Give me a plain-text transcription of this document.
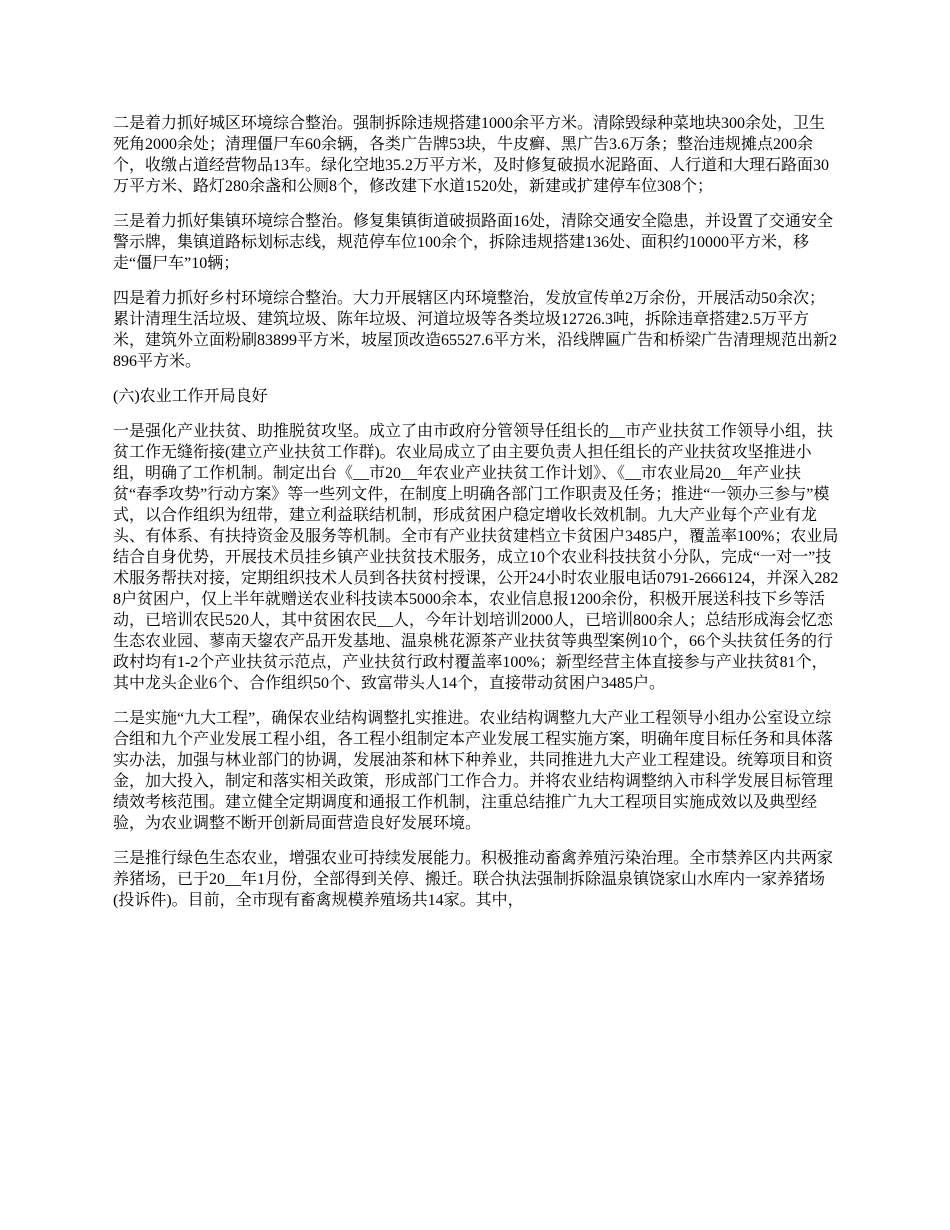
二是着力抓好城区环境综合整治。强制拆除违规搭建1000余平方米。清除毁绿种菜地块300余处，卫生死角2000余处；清理僵尸车60余辆，各类广告牌53块，牛皮癣、黑广告3.6万条；整治违规摊点200余个，收缴占道经营物品13车。绿化空地35.2万平方米，及时修复破损水泥路面、人行道和大理石路面30万平方米、路灯280余盏和公厕8个，修改建下水道1520处，新建或扩建停车位308个；

三是着力抓好集镇环境综合整治。修复集镇街道破损路面16处，清除交通安全隐患，并设置了交通安全警示牌，集镇道路标划标志线，规范停车位100余个，拆除违规搭建136处、面积约10000平方米，移走“僵尸车”10辆；

四是着力抓好乡村环境综合整治。大力开展辖区内环境整治，发放宣传单2万余份，开展活动50余次；累计清理生活垃圾、建筑垃圾、陈年垃圾、河道垃圾等各类垃圾12726.3吨，拆除违章搭建2.5万平方米，建筑外立面粉刷83899平方米，坡屋顶改造65527.6平方米，沿线牌匾广告和桥梁广告清理规范出新2896平方米。

(六)农业工作开局良好

一是强化产业扶贫、助推脱贫攻坚。成立了由市政府分管领导任组长的__市产业扶贫工作领导小组，扶贫工作无缝衔接(建立产业扶贫工作群)。农业局成立了由主要负责人担任组长的产业扶贫攻坚推进小组，明确了工作机制。制定出台《__市20__年农业产业扶贫工作计划》、《__市农业局20__年产业扶贫“春季攻势”行动方案》等一些列文件，在制度上明确各部门工作职责及任务；推进“一领办三参与”模式，以合作组织为纽带，建立利益联结机制，形成贫困户稳定增收长效机制。九大产业每个产业有龙头、有体系、有扶持资金及服务等机制。全市有产业扶贫建档立卡贫困户3485户，覆盖率100%；农业局结合自身优势，开展技术员挂乡镇产业扶贫技术服务，成立10个农业科技扶贫小分队，完成“一对一”技术服务帮扶对接，定期组织技术人员到各扶贫村授课，公开24小时农业服电话0791-2666124，并深入2828户贫困户，仅上半年就赠送农业科技读本5000余本，农业信息报1200余份，积极开展送科技下乡等活动，已培训农民520人，其中贫困农民__人，今年计划培训2000人，已培训800余人；总结形成海会忆恋生态农业园、蓼南天鋆农产品开发基地、温泉桃花源茶产业扶贫等典型案例10个，66个头扶贫任务的行政村均有1-2个产业扶贫示范点，产业扶贫行政村覆盖率100%；新型经营主体直接参与产业扶贫81个，其中龙头企业6个、合作组织50个、致富带头人14个，直接带动贫困户3485户。

二是实施“九大工程”，确保农业结构调整扎实推进。农业结构调整九大产业工程领导小组办公室设立综合组和九个产业发展工程小组，各工程小组制定本产业发展工程实施方案，明确年度目标任务和具体落实办法，加强与林业部门的协调，发展油茶和林下种养业，共同推进九大产业工程建设。统筹项目和资金，加大投入，制定和落实相关政策，形成部门工作合力。并将农业结构调整纳入市科学发展目标管理绩效考核范围。建立健全定期调度和通报工作机制，注重总结推广九大工程项目实施成效以及典型经验，为农业调整不断开创新局面营造良好发展环境。

三是推行绿色生态农业，增强农业可持续发展能力。积极推动畜禽养殖污染治理。全市禁养区内共两家养猪场，已于20__年1月份，全部得到关停、搬迁。联合执法强制拆除温泉镇饶家山水库内一家养猪场(投诉件)。目前，全市现有畜禽规模养殖场共14家。其中，
